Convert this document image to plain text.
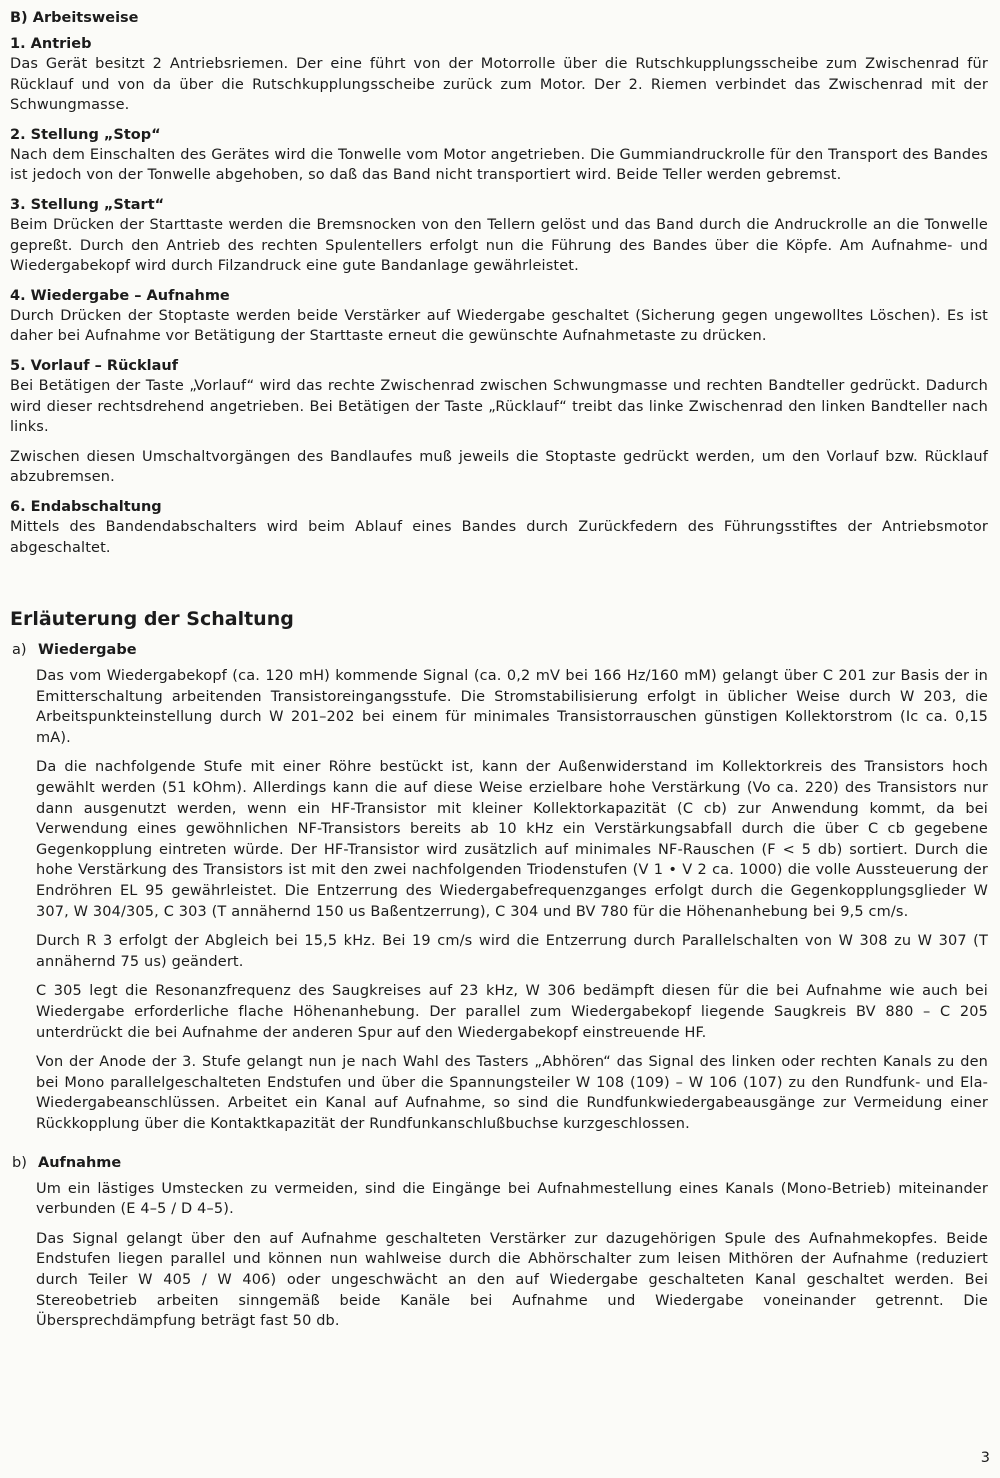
B) Arbeitsweise

1. Antrieb

Das Gerät besitzt 2 Antriebsriemen. Der eine führt von der Motorrolle über die Rutschkupplungsscheibe zum Zwischenrad für Rücklauf und von da über die Rutschkupplungsscheibe zurück zum Motor. Der 2. Riemen verbindet das Zwischenrad mit der Schwungmasse.

2. Stellung „Stop“

Nach dem Einschalten des Gerätes wird die Tonwelle vom Motor angetrieben. Die Gummiandruckrolle für den Transport des Bandes ist jedoch von der Tonwelle abgehoben, so daß das Band nicht transportiert wird. Beide Teller werden gebremst.

3. Stellung „Start“

Beim Drücken der Starttaste werden die Bremsnocken von den Tellern gelöst und das Band durch die Andruckrolle an die Tonwelle gepreßt. Durch den Antrieb des rechten Spulentellers erfolgt nun die Führung des Bandes über die Köpfe. Am Aufnahme- und Wiedergabekopf wird durch Filzandruck eine gute Bandanlage gewährleistet.

4. Wiedergabe – Aufnahme

Durch Drücken der Stoptaste werden beide Verstärker auf Wiedergabe geschaltet (Sicherung gegen ungewolltes Löschen). Es ist daher bei Aufnahme vor Betätigung der Starttaste erneut die gewünschte Aufnahmetaste zu drücken.

5. Vorlauf – Rücklauf

Bei Betätigen der Taste „Vorlauf“ wird das rechte Zwischenrad zwischen Schwungmasse und rechten Bandteller gedrückt. Dadurch wird dieser rechtsdrehend angetrieben. Bei Betätigen der Taste „Rücklauf“ treibt das linke Zwischenrad den linken Bandteller nach links.

Zwischen diesen Umschaltvorgängen des Bandlaufes muß jeweils die Stoptaste gedrückt werden, um den Vorlauf bzw. Rücklauf abzubremsen.

6. Endabschaltung

Mittels des Bandendabschalters wird beim Ablauf eines Bandes durch Zurückfedern des Führungsstiftes der Antriebsmotor abgeschaltet.

Erläuterung der Schaltung

a) Wiedergabe

Das vom Wiedergabekopf (ca. 120 mH) kommende Signal (ca. 0,2 mV bei 166 Hz/160 mM) gelangt über C 201 zur Basis der in Emitterschaltung arbeitenden Transistoreingangsstufe. Die Stromstabilisierung erfolgt in üblicher Weise durch W 203, die Arbeitspunkteinstellung durch W 201–202 bei einem für minimales Transistorrauschen günstigen Kollektorstrom (Ic ca. 0,15 mA).

Da die nachfolgende Stufe mit einer Röhre bestückt ist, kann der Außenwiderstand im Kollektorkreis des Transistors hoch gewählt werden (51 kOhm). Allerdings kann die auf diese Weise erzielbare hohe Verstärkung (Vo ca. 220) des Transistors nur dann ausgenutzt werden, wenn ein HF-Transistor mit kleiner Kollektorkapazität (C cb) zur Anwendung kommt, da bei Verwendung eines gewöhnlichen NF-Transistors bereits ab 10 kHz ein Verstärkungsabfall durch die über C cb gegebene Gegenkopplung eintreten würde. Der HF-Transistor wird zusätzlich auf minimales NF-Rauschen (F < 5 db) sortiert. Durch die hohe Verstärkung des Transistors ist mit den zwei nachfolgenden Triodenstufen (V 1 • V 2 ca. 1000) die volle Aussteuerung der Endröhren EL 95 gewährleistet. Die Entzerrung des Wiedergabefrequenzganges erfolgt durch die Gegenkopplungsglieder W 307, W 304/305, C 303 (T annähernd 150 us Baßentzerrung), C 304 und BV 780 für die Höhenanhebung bei 9,5 cm/s.

Durch R 3 erfolgt der Abgleich bei 15,5 kHz. Bei 19 cm/s wird die Entzerrung durch Parallelschalten von W 308 zu W 307 (T annähernd 75 us) geändert.

C 305 legt die Resonanzfrequenz des Saugkreises auf 23 kHz, W 306 bedämpft diesen für die bei Aufnahme wie auch bei Wiedergabe erforderliche flache Höhenanhebung. Der parallel zum Wiedergabekopf liegende Saugkreis BV 880 – C 205 unterdrückt die bei Aufnahme der anderen Spur auf den Wiedergabekopf einstreuende HF.

Von der Anode der 3. Stufe gelangt nun je nach Wahl des Tasters „Abhören“ das Signal des linken oder rechten Kanals zu den bei Mono parallelgeschalteten Endstufen und über die Spannungsteiler W 108 (109) – W 106 (107) zu den Rundfunk- und Ela-Wiedergabeanschlüssen. Arbeitet ein Kanal auf Aufnahme, so sind die Rundfunkwiedergabeausgänge zur Vermeidung einer Rückkopplung über die Kontaktkapazität der Rundfunkanschlußbuchse kurzgeschlossen.

b) Aufnahme

Um ein lästiges Umstecken zu vermeiden, sind die Eingänge bei Aufnahmestellung eines Kanals (Mono-Betrieb) miteinander verbunden (E 4–5 / D 4–5).

Das Signal gelangt über den auf Aufnahme geschalteten Verstärker zur dazugehörigen Spule des Aufnahmekopfes. Beide Endstufen liegen parallel und können nun wahlweise durch die Abhörschalter zum leisen Mithören der Aufnahme (reduziert durch Teiler W 405 / W 406) oder ungeschwächt an den auf Wiedergabe geschalteten Kanal geschaltet werden. Bei Stereobetrieb arbeiten sinngemäß beide Kanäle bei Aufnahme und Wiedergabe voneinander getrennt. Die Übersprechdämpfung beträgt fast 50 db.

3
